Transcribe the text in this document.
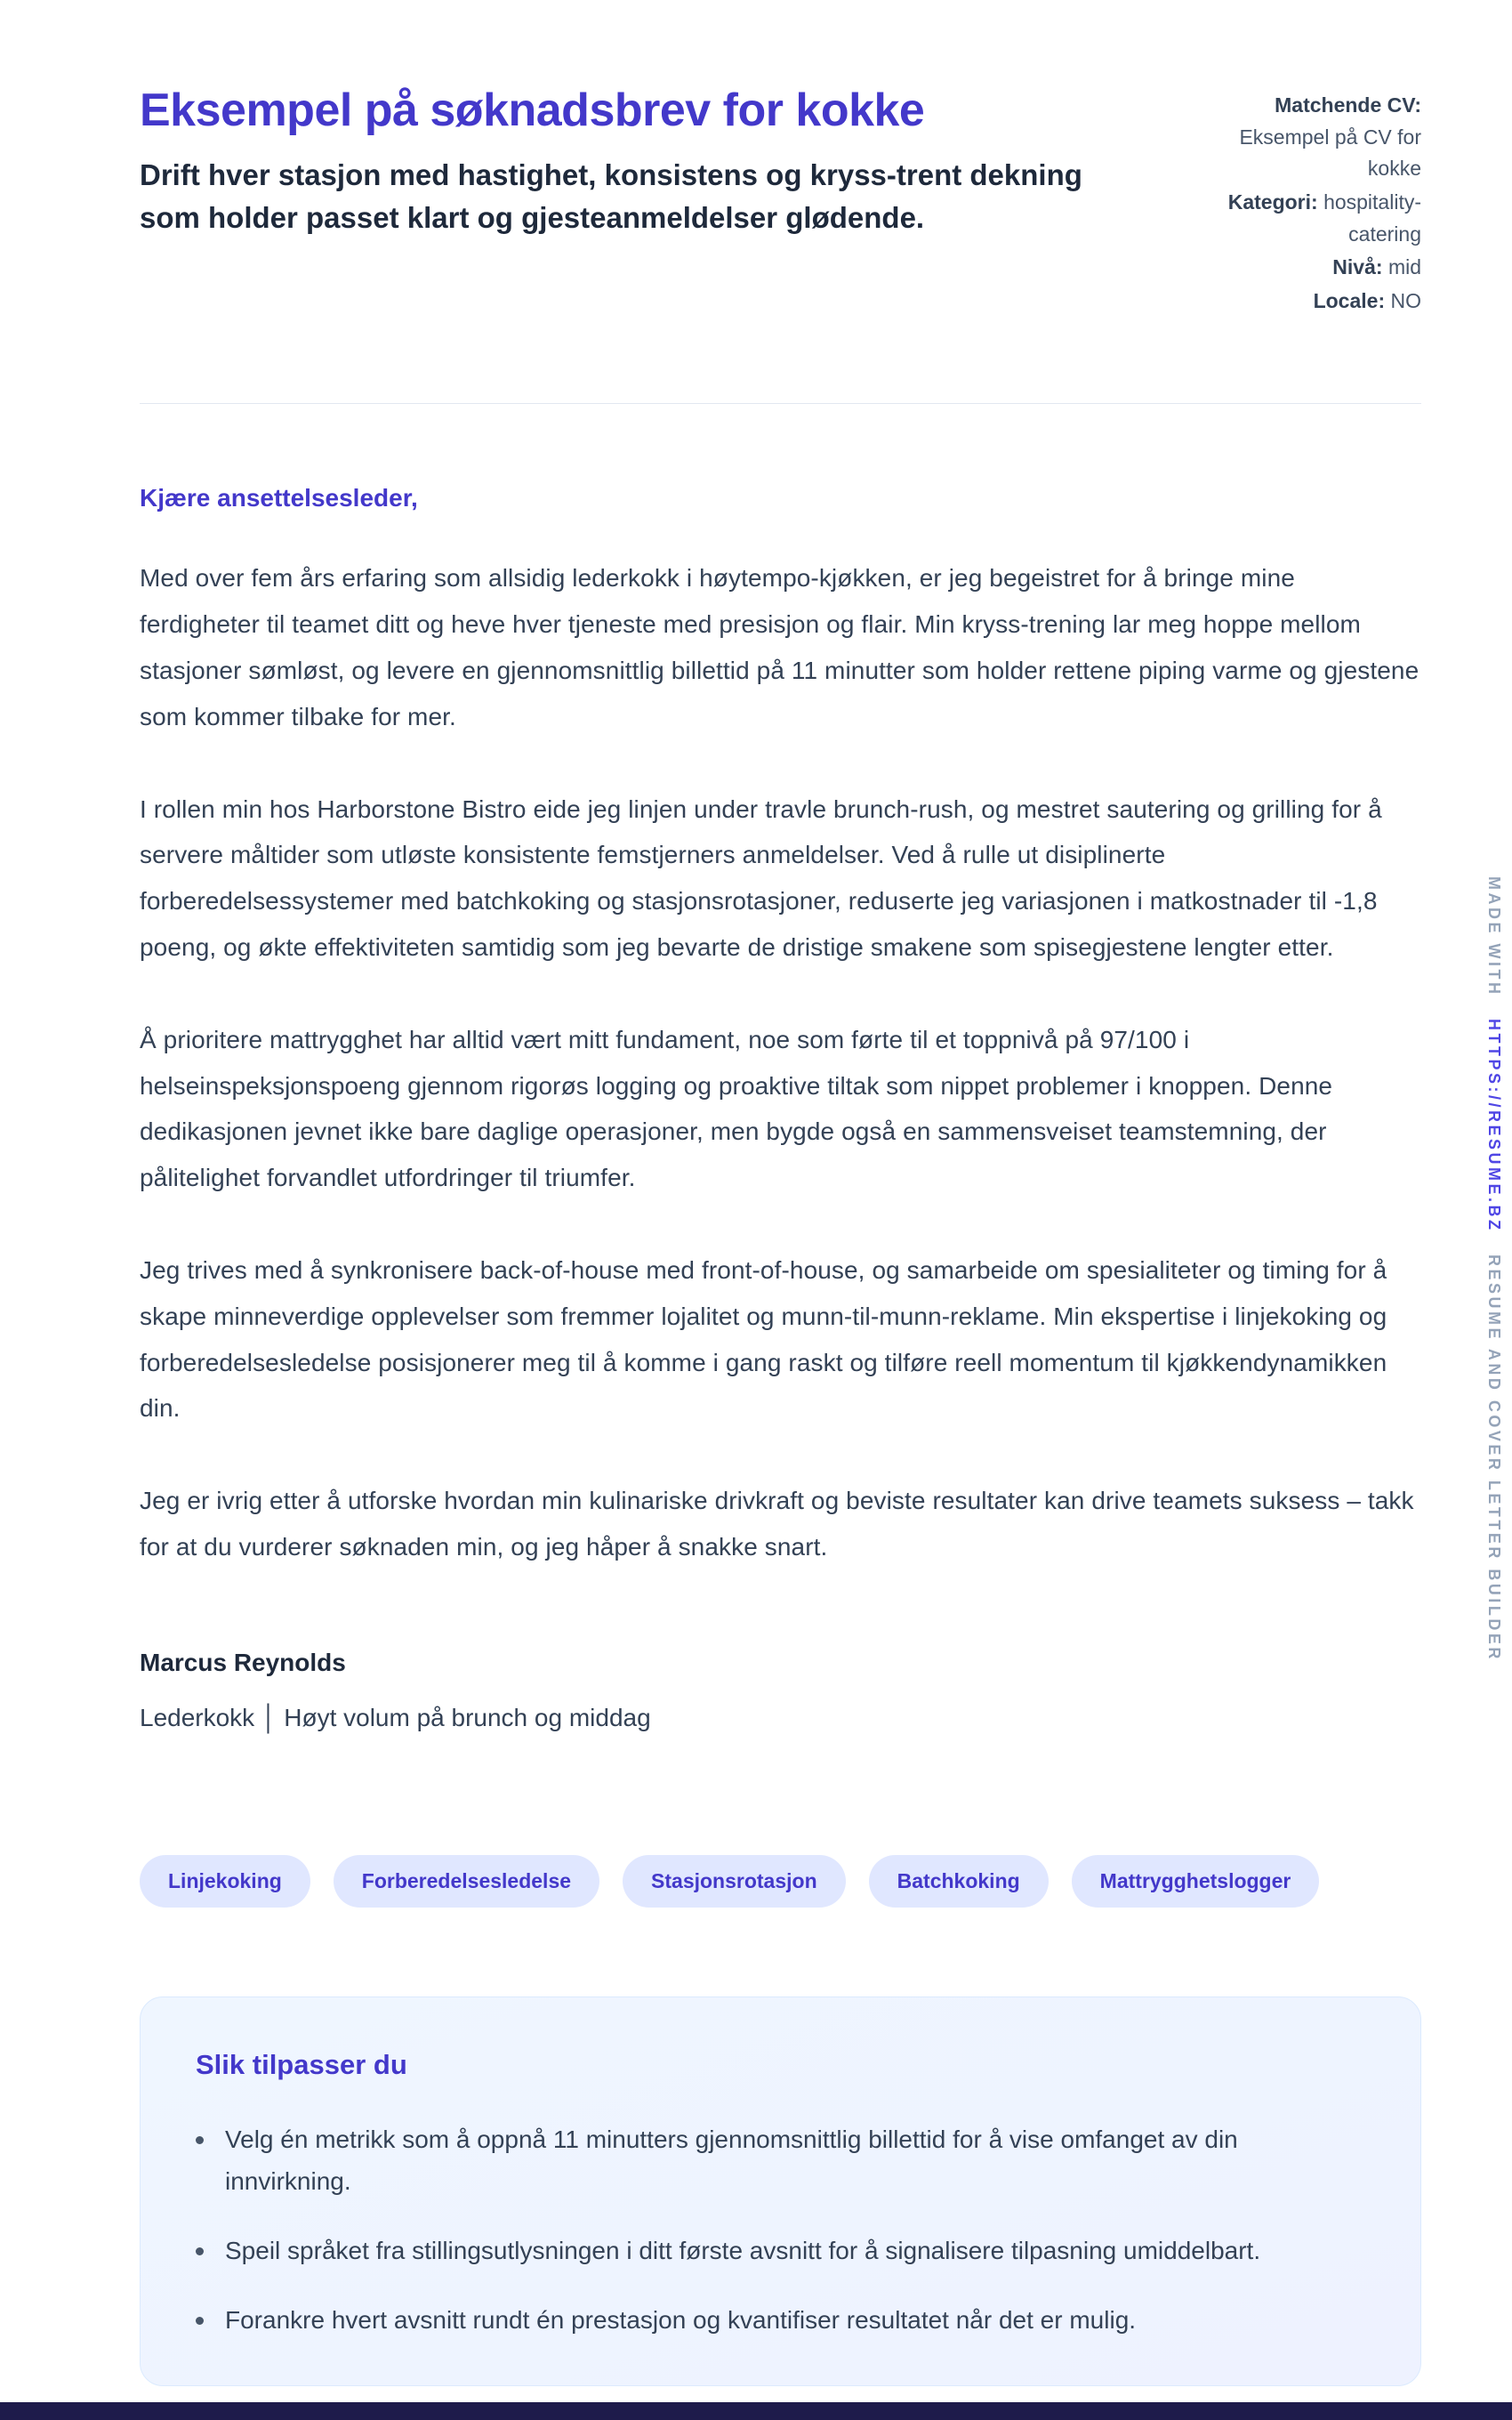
Eksempel på søknadsbrev for kokke
Drift hver stasjon med hastighet, konsistens og kryss-trent dekning som holder passet klart og gjesteanmeldelser glødende.
Matchende CV: Eksempel på CV for kokke
Kategori: hospitality-catering
Nivå: mid
Locale: NO
Kjære ansettelsesleder,

Med over fem års erfaring som allsidig lederkokk i høytempo-kjøkken, er jeg begeistret for å bringe mine ferdigheter til teamet ditt og heve hver tjeneste med presisjon og flair. Min kryss-trening lar meg hoppe mellom stasjoner sømløst, og levere en gjennomsnittlig billettid på 11 minutter som holder rettene piping varme og gjestene som kommer tilbake for mer.

I rollen min hos Harborstone Bistro eide jeg linjen under travle brunch-rush, og mestret sautering og grilling for å servere måltider som utløste konsistente femstjerners anmeldelser. Ved å rulle ut disiplinerte forberedelsessystemer med batchkoking og stasjonsrotasjoner, reduserte jeg variasjonen i matkostnader til -1,8 poeng, og økte effektiviteten samtidig som jeg bevarte de dristige smakene som spisegjestene lengter etter.

Å prioritere mattrygghet har alltid vært mitt fundament, noe som førte til et toppnivå på 97/100 i helseinspeksjonspoeng gjennom rigorøs logging og proaktive tiltak som nippet problemer i knoppen. Denne dedikasjonen jevnet ikke bare daglige operasjoner, men bygde også en sammensveiset teamstemning, der pålitelighet forvandlet utfordringer til triumfer.

Jeg trives med å synkronisere back-of-house med front-of-house, og samarbeide om spesialiteter og timing for å skape minneverdige opplevelser som fremmer lojalitet og munn-til-munn-reklame. Min ekspertise i linjekoking og forberedelsesledelse posisjonerer meg til å komme i gang raskt og tilføre reell momentum til kjøkkendynamikken din.

Jeg er ivrig etter å utforske hvordan min kulinariske drivkraft og beviste resultater kan drive teamets suksess – takk for at du vurderer søknaden min, og jeg håper å snakke snart.

Marcus Reynolds
Lederkokk │ Høyt volum på brunch og middag
Linjekoking	Forberedelsesledelse	Stasjonsrotasjon	Batchkoking	Mattrygghetslogger
Slik tilpasser du
Velg én metrikk som å oppnå 11 minutters gjennomsnittlig billettid for å vise omfanget av din innvirkning.
Speil språket fra stillingsutlysningen i ditt første avsnitt for å signalisere tilpasning umiddelbart.
Forankre hvert avsnitt rundt én prestasjon og kvantifiser resultatet når det er mulig.
MADE WITH HTTPS://RESUME.BZ RESUME AND COVER LETTER BUILDER
